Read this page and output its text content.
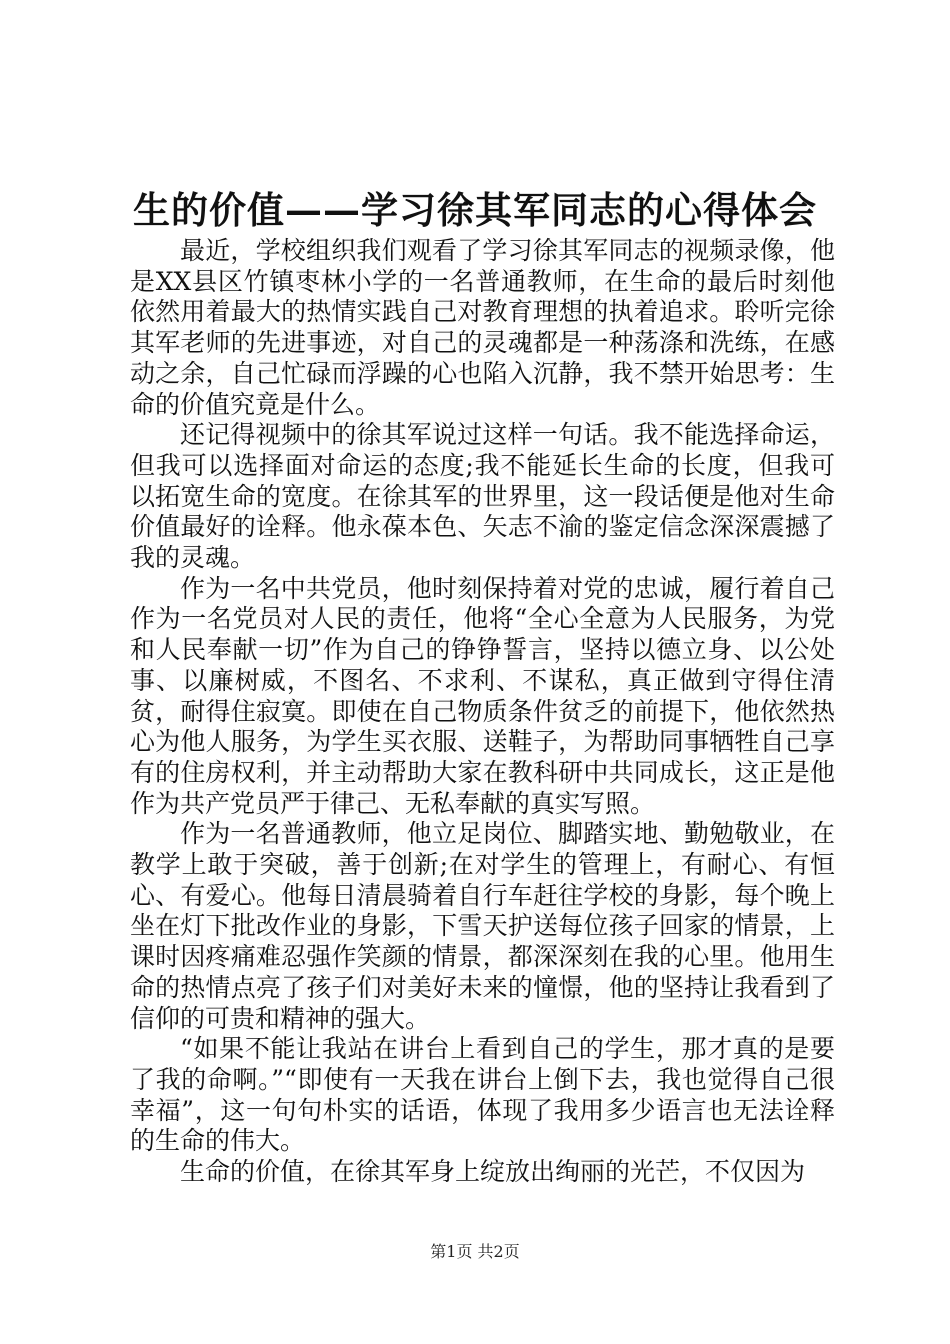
生的价值——学习徐其军同志的心得体会

最近，学校组织我们观看了学习徐其军同志的视频录像，他是XX县区竹镇枣林小学的一名普通教师，在生命的最后时刻他依然用着最大的热情实践自己对教育理想的执着追求。聆听完徐其军老师的先进事迹，对自己的灵魂都是一种荡涤和洗练，在感动之余，自己忙碌而浮躁的心也陷入沉静，我不禁开始思考：生命的价值究竟是什么。

还记得视频中的徐其军说过这样一句话。我不能选择命运，但我可以选择面对命运的态度;我不能延长生命的长度，但我可以拓宽生命的宽度。在徐其军的世界里，这一段话便是他对生命价值最好的诠释。他永葆本色、矢志不渝的鉴定信念深深震撼了我的灵魂。

作为一名中共党员，他时刻保持着对党的忠诚，履行着自己作为一名党员对人民的责任，他将“全心全意为人民服务，为党和人民奉献一切”作为自己的铮铮誓言，坚持以德立身、以公处事、以廉树威，不图名、不求利、不谋私，真正做到守得住清贫，耐得住寂寞。即使在自己物质条件贫乏的前提下，他依然热心为他人服务，为学生买衣服、送鞋子，为帮助同事牺牲自己享有的住房权利，并主动帮助大家在教科研中共同成长，这正是他作为共产党员严于律己、无私奉献的真实写照。

作为一名普通教师，他立足岗位、脚踏实地、勤勉敬业，在教学上敢于突破，善于创新;在对学生的管理上，有耐心、有恒心、有爱心。他每日清晨骑着自行车赶往学校的身影，每个晚上坐在灯下批改作业的身影，下雪天护送每位孩子回家的情景，上课时因疼痛难忍强作笑颜的情景，都深深刻在我的心里。他用生命的热情点亮了孩子们对美好未来的憧憬，他的坚持让我看到了信仰的可贵和精神的强大。

“如果不能让我站在讲台上看到自己的学生，那才真的是要了我的命啊。”“即使有一天我在讲台上倒下去，我也觉得自己很幸福”，这一句句朴实的话语，体现了我用多少语言也无法诠释的生命的伟大。

生命的价值，在徐其军身上绽放出绚丽的光芒，不仅因为

第1页 共2页
